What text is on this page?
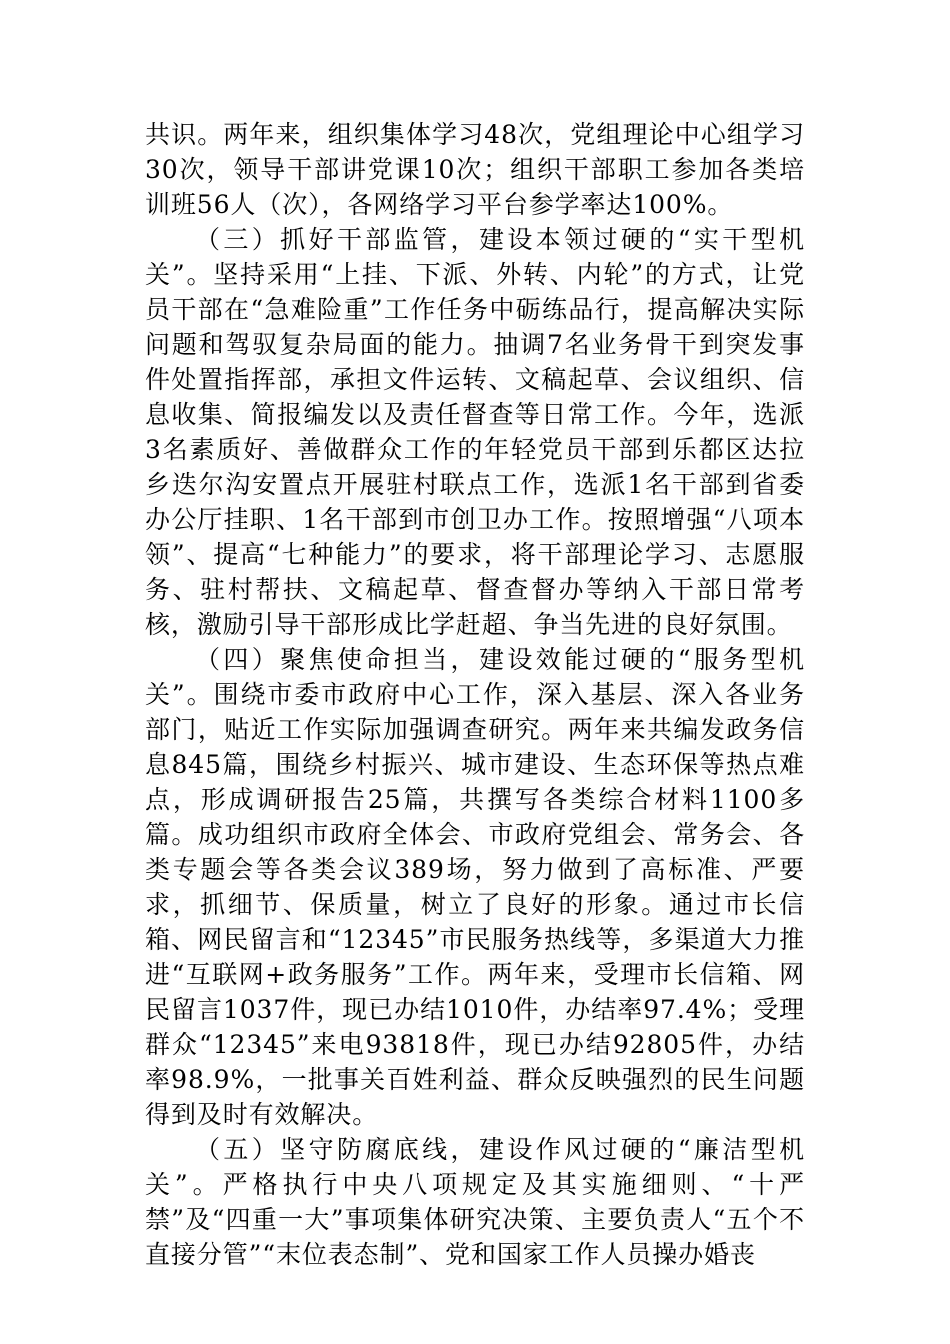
共识。两年来，组织集体学习48次，党组理论中心组学习30次，领导干部讲党课10次；组织干部职工参加各类培训班56人（次），各网络学习平台参学率达100%。

（三）抓好干部监管，建设本领过硬的“实干型机关”。坚持采用“上挂、下派、外转、内轮”的方式，让党员干部在“急难险重”工作任务中砺练品行，提高解决实际问题和驾驭复杂局面的能力。抽调7名业务骨干到突发事件处置指挥部，承担文件运转、文稿起草、会议组织、信息收集、简报编发以及责任督查等日常工作。今年，选派3名素质好、善做群众工作的年轻党员干部到乐都区达拉乡迭尔沟安置点开展驻村联点工作，选派1名干部到省委办公厅挂职、1名干部到市创卫办工作。按照增强“八项本领”、提高“七种能力”的要求，将干部理论学习、志愿服务、驻村帮扶、文稿起草、督查督办等纳入干部日常考核，激励引导干部形成比学赶超、争当先进的良好氛围。

（四）聚焦使命担当，建设效能过硬的“服务型机关”。围绕市委市政府中心工作，深入基层、深入各业务部门，贴近工作实际加强调查研究。两年来共编发政务信息845篇，围绕乡村振兴、城市建设、生态环保等热点难点，形成调研报告25篇，共撰写各类综合材料1100多篇。成功组织市政府全体会、市政府党组会、常务会、各类专题会等各类会议389场，努力做到了高标准、严要求，抓细节、保质量，树立了良好的形象。通过市长信箱、网民留言和“12345”市民服务热线等，多渠道大力推进“互联网+政务服务”工作。两年来，受理市长信箱、网民留言1037件，现已办结1010件，办结率97.4%；受理群众“12345”来电93818件，现已办结92805件，办结率98.9%，一批事关百姓利益、群众反映强烈的民生问题得到及时有效解决。

（五）坚守防腐底线，建设作风过硬的“廉洁型机关”。严格执行中央八项规定及其实施细则、“十严禁”及“四重一大”事项集体研究决策、主要负责人“五个不直接分管”“末位表态制”、党和国家工作人员操办婚丧
